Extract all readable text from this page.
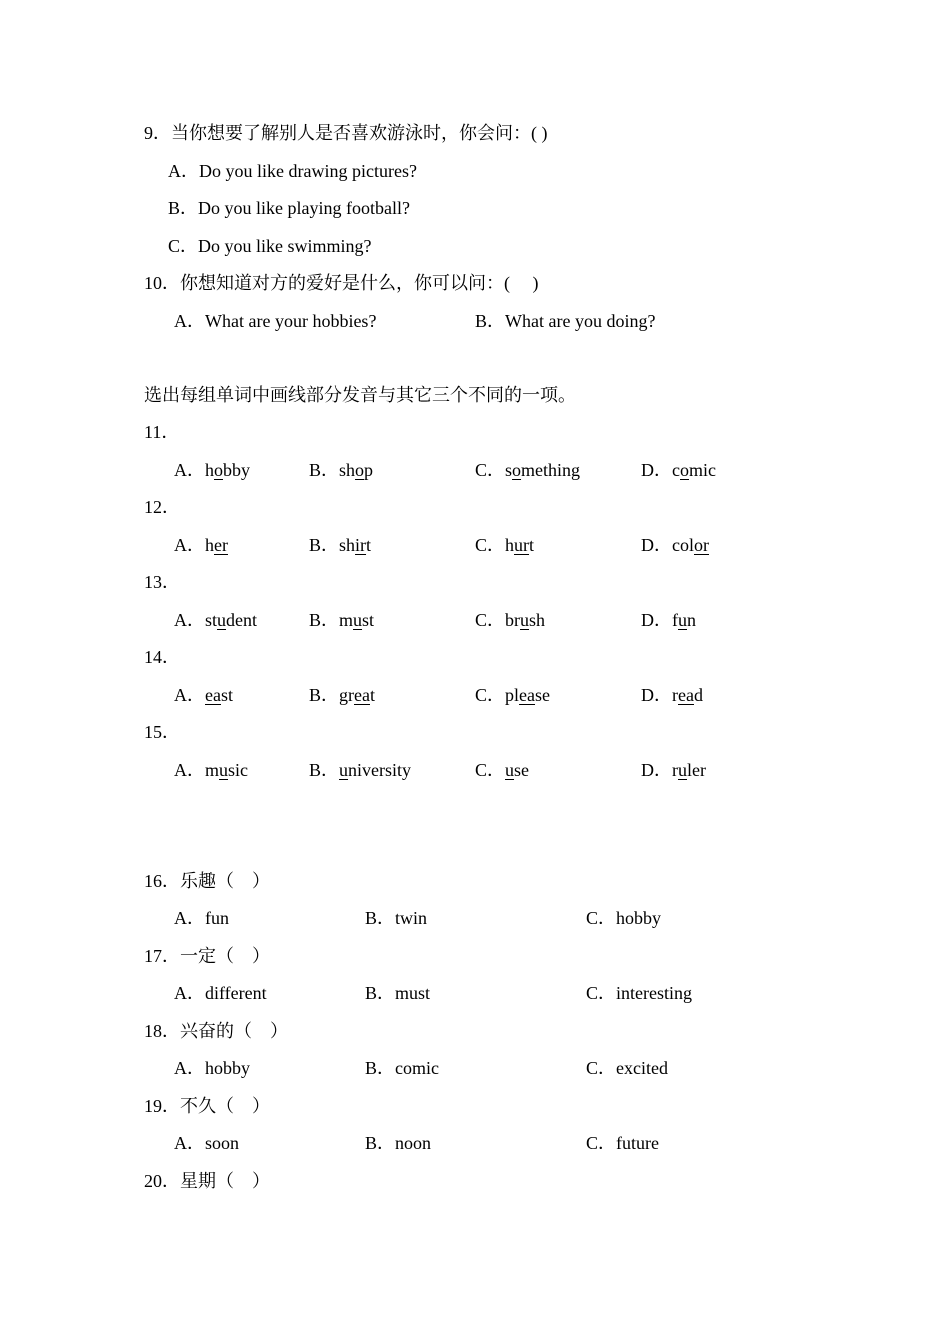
9．当你想要了解别人是否喜欢游泳时，你会问：( )
A．Do you like drawing pictures?
B．Do you like playing football?
C．Do you like swimming?
10．你想知道对方的爱好是什么，你可以问：(　 )
A．What are your hobbies?	B．What are you doing?
选出每组单词中画线部分发音与其它三个不同的一项。
11．
A．hobby	B．shop	C．something	D．comic
12．
A．her	B．shirt	C．hurt	D．color
13．
A．student	B．must	C．brush	D．fun
14．
A．east	B．great	C．please	D．read
15．
A．music	B．university	C．use	D．ruler
16．乐趣（　）
A．fun	B．twin	C．hobby
17．一定（　）
A．different	B．must	C．interesting
18．兴奋的（　）
A．hobby	B．comic	C．excited
19．不久（　）
A．soon	B．noon	C．future
20．星期（　）
